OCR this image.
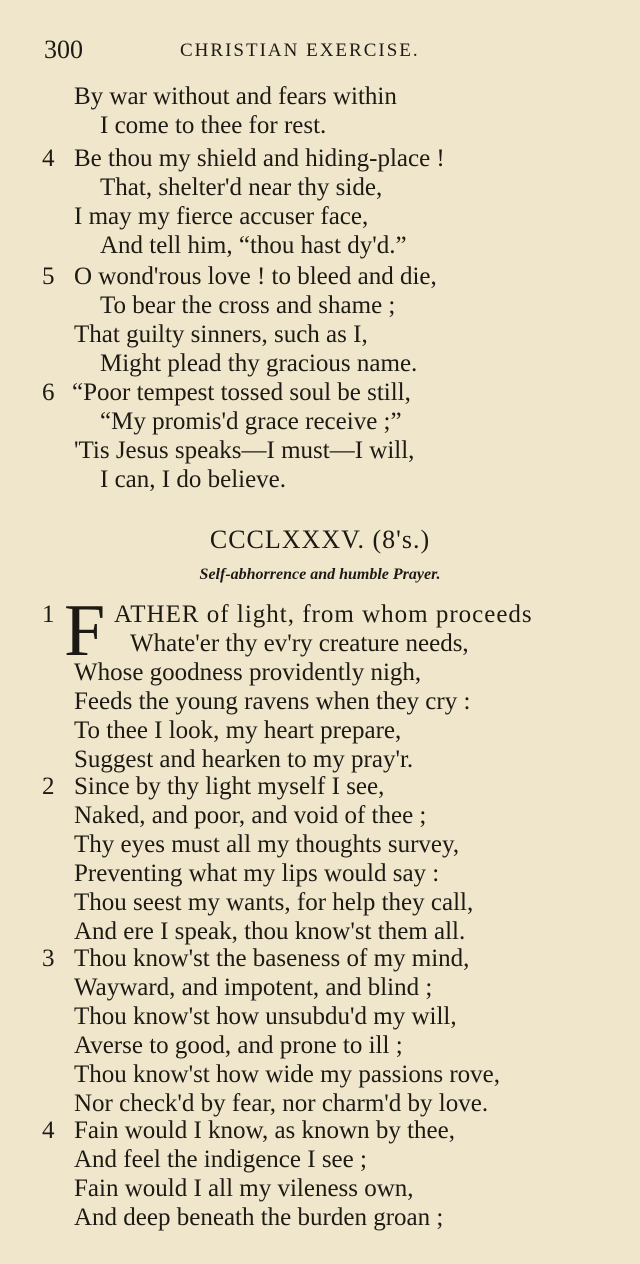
300	CHRISTIAN EXERCISE.
By war without and fears within
I come to thee for rest.
4 Be thou my shield and hiding-place !
That, shelter'd near thy side,
I may my fierce accuser face,
And tell him, “thou hast dy'd.”
5 O wond'rous love ! to bleed and die,
To bear the cross and shame ;
That guilty sinners, such as I,
Might plead thy gracious name.
6 “Poor tempest tossed soul be still,
“My promis'd grace receive ;”
'Tis Jesus speaks—I must—I will,
I can, I do believe.
CCCLXXXV. (8's.)
Self-abhorrence and humble Prayer.
F
1	ATHER of light, from whom proceeds
Whate'er thy ev'ry creature needs,
Whose goodness providently nigh,
Feeds the young ravens when they cry :
To thee I look, my heart prepare,
Suggest and hearken to my pray'r.
2 Since by thy light myself I see,
Naked, and poor, and void of thee ;
Thy eyes must all my thoughts survey,
Preventing what my lips would say :
Thou seest my wants, for help they call,
And ere I speak, thou know'st them all.
3 Thou know'st the baseness of my mind,
Wayward, and impotent, and blind ;
Thou know'st how unsubdu'd my will,
Averse to good, and prone to ill ;
Thou know'st how wide my passions rove,
Nor check'd by fear, nor charm'd by love.
4 Fain would I know, as known by thee,
And feel the indigence I see ;
Fain would I all my vileness own,
And deep beneath the burden groan ;
